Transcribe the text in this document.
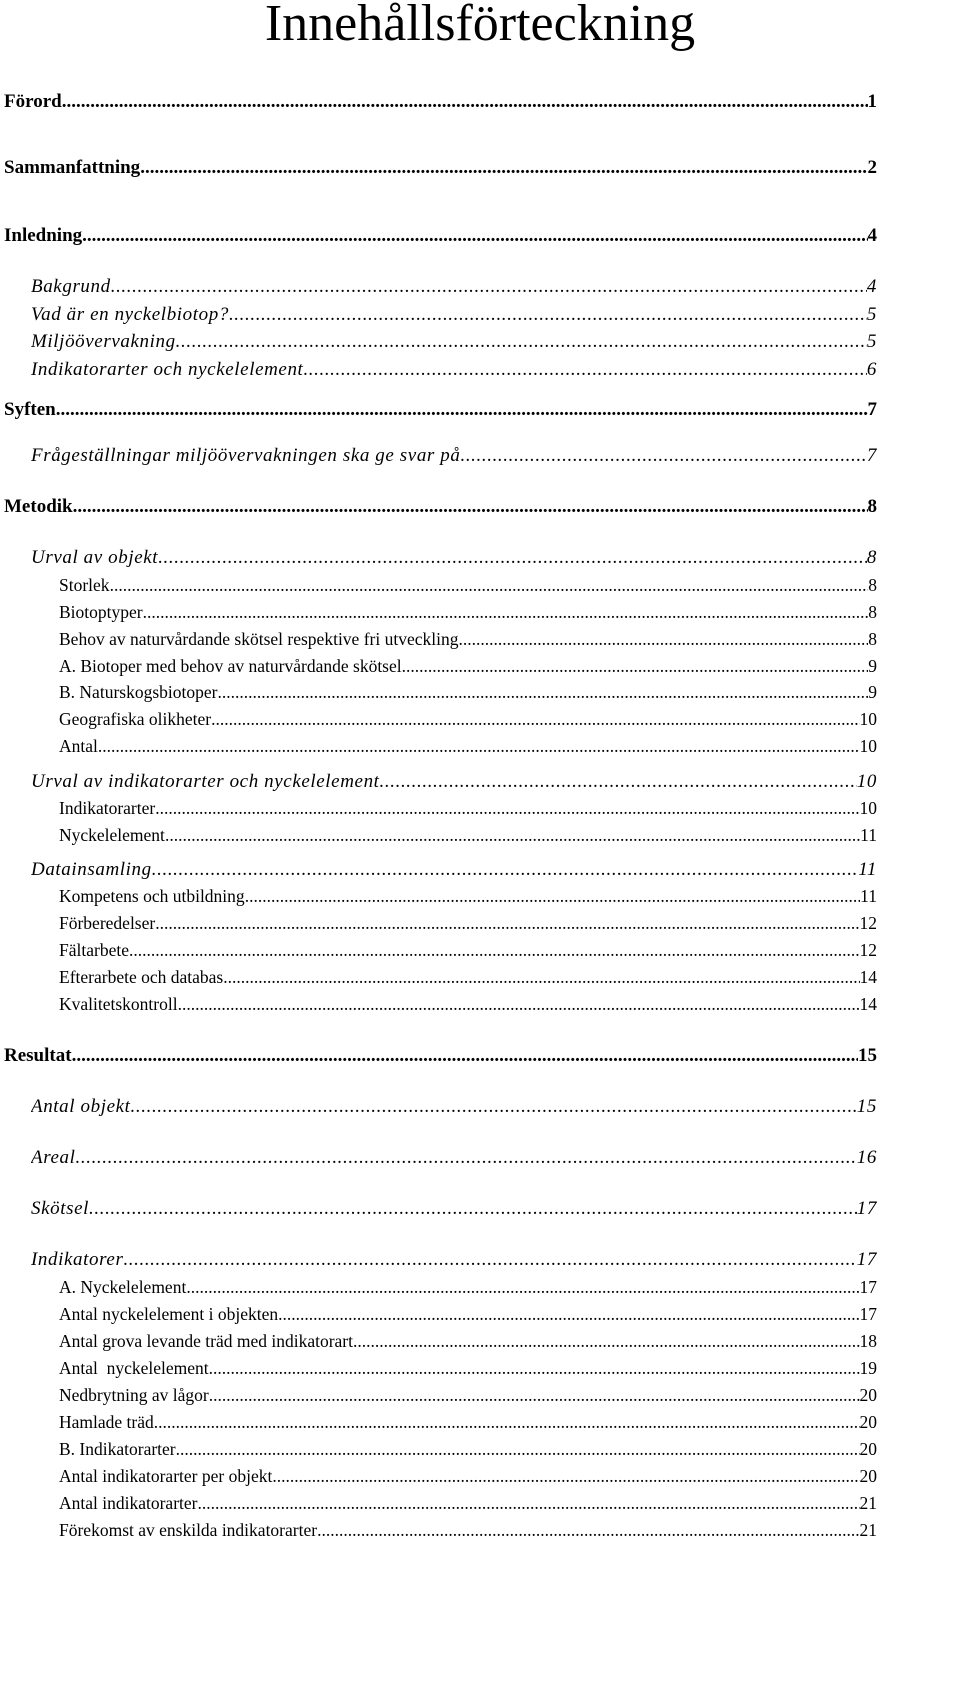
Innehållsförteckning
Förord .....	1
Sammanfattning .....	2
Inledning .....	4
Bakgrund .....	4
Vad är en nyckelbiotop? .....	5
Miljöövervakning .....	5
Indikatorarter och nyckelelement .....	6
Syften .....	7
Frågeställningar miljöövervakningen ska ge svar på .....	7
Metodik .....	8
Urval av objekt .....	8
Storlek .....	8
Biotoptyper .....	8
Behov av naturvårdande skötsel respektive fri utveckling .....	8
A. Biotoper med behov av naturvårdande skötsel .....	9
B. Naturskogsbiotoper .....	9
Geografiska olikheter .....	10
Antal .....	10
Urval av indikatorarter och nyckelelement .....	10
Indikatorarter .....	10
Nyckelelement .....	11
Datainsamling .....	11
Kompetens och utbildning .....	11
Förberedelser .....	12
Fältarbete .....	12
Efterarbete och databas .....	14
Kvalitetskontroll .....	14
Resultat .....	15
Antal objekt .....	15
Areal .....	16
Skötsel .....	17
Indikatorer .....	17
A. Nyckelelement .....	17
Antal nyckelelement i objekten .....	17
Antal grova levande träd med indikatorart .....	18
Antal  nyckelelement .....	19
Nedbrytning av lågor .....	20
Hamlade träd .....	20
B. Indikatorarter .....	20
Antal indikatorarter per objekt .....	20
Antal indikatorarter .....	21
Förekomst av enskilda indikatorarter .....	21
